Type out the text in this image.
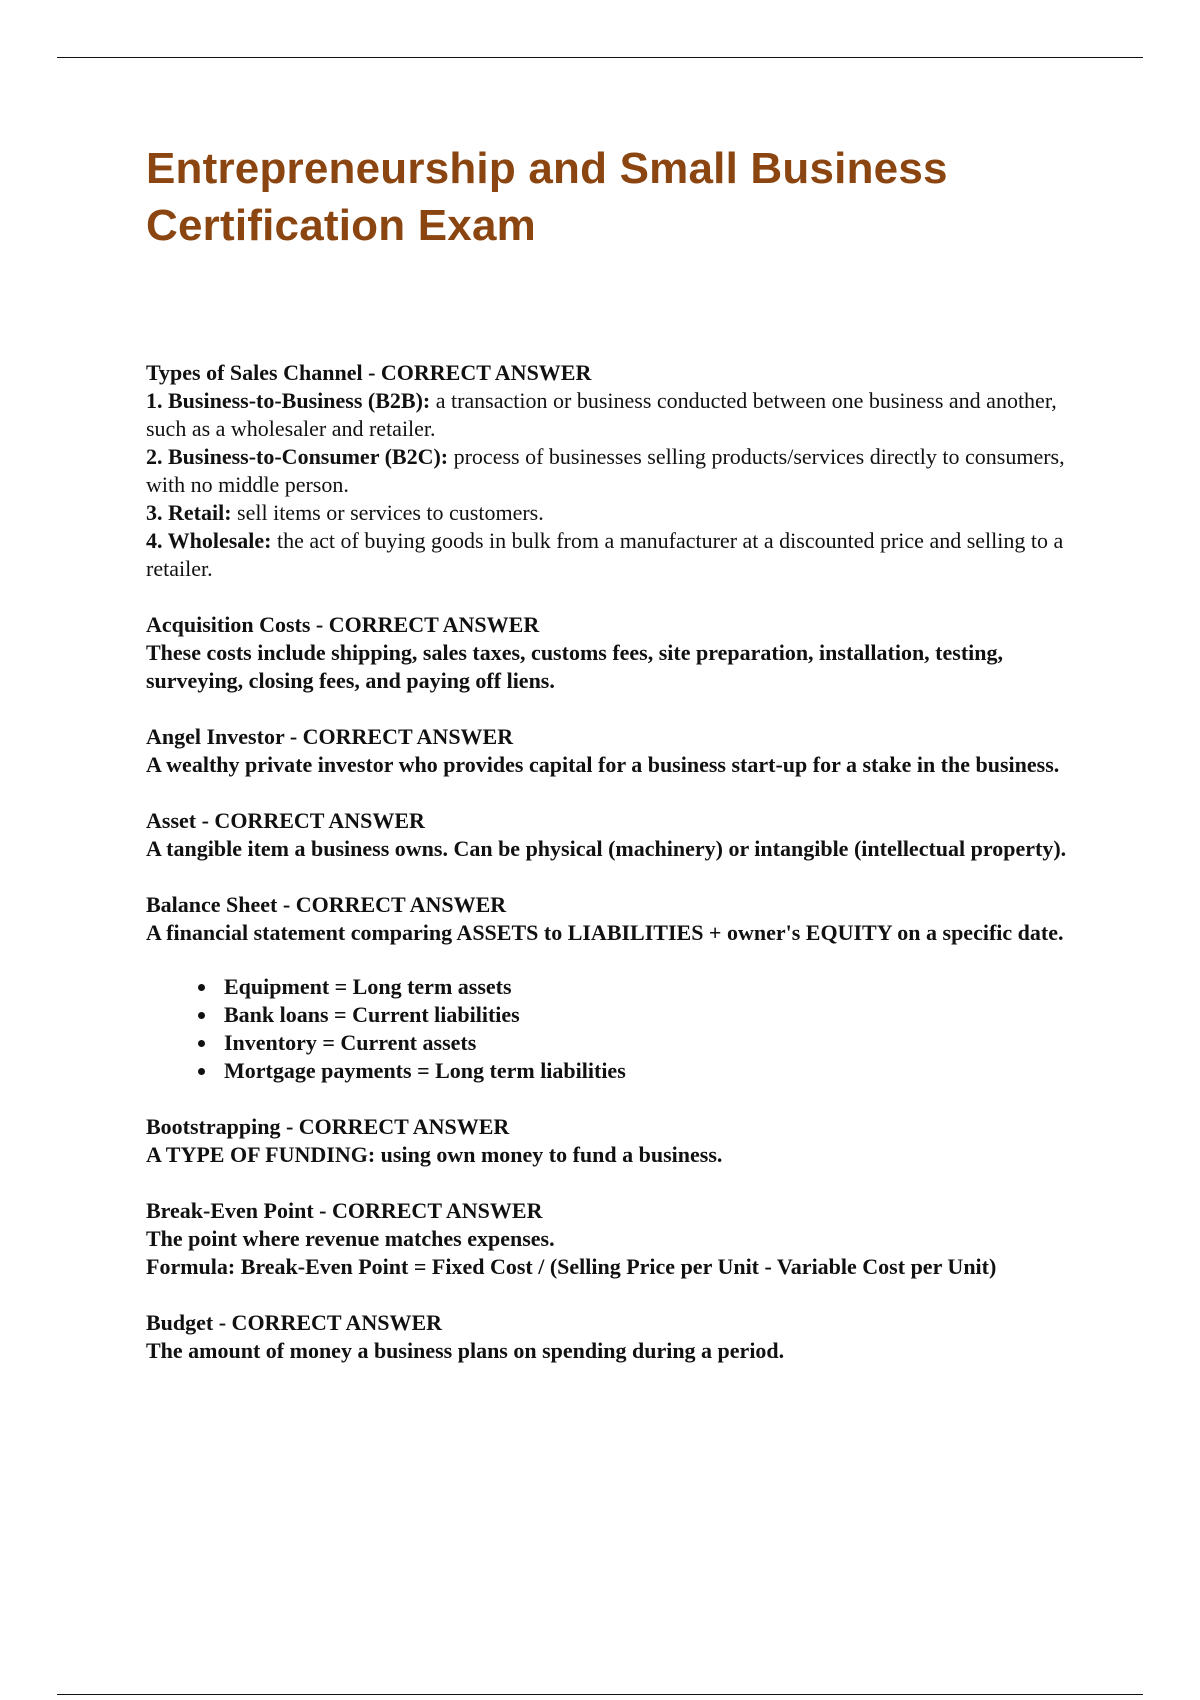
Entrepreneurship and Small Business
Certification Exam
Types of Sales Channel - CORRECT ANSWER
1. Business-to-Business (B2B): a transaction or business conducted between one business and another, such as a wholesaler and retailer.
2. Business-to-Consumer (B2C): process of businesses selling products/services directly to consumers, with no middle person.
3. Retail: sell items or services to customers.
4. Wholesale: the act of buying goods in bulk from a manufacturer at a discounted price and selling to a retailer.
Acquisition Costs - CORRECT ANSWER
These costs include shipping, sales taxes, customs fees, site preparation, installation, testing, surveying, closing fees, and paying off liens.
Angel Investor - CORRECT ANSWER
A wealthy private investor who provides capital for a business start-up for a stake in the business.
Asset - CORRECT ANSWER
A tangible item a business owns. Can be physical (machinery) or intangible (intellectual property).
Balance Sheet - CORRECT ANSWER
A financial statement comparing ASSETS to LIABILITIES + owner's EQUITY on a specific date.
• Equipment = Long term assets
• Bank loans = Current liabilities
• Inventory = Current assets
• Mortgage payments = Long term liabilities
Bootstrapping - CORRECT ANSWER
A TYPE OF FUNDING: using own money to fund a business.
Break-Even Point - CORRECT ANSWER
The point where revenue matches expenses.
Formula: Break-Even Point = Fixed Cost / (Selling Price per Unit - Variable Cost per Unit)
Budget - CORRECT ANSWER
The amount of money a business plans on spending during a period.
